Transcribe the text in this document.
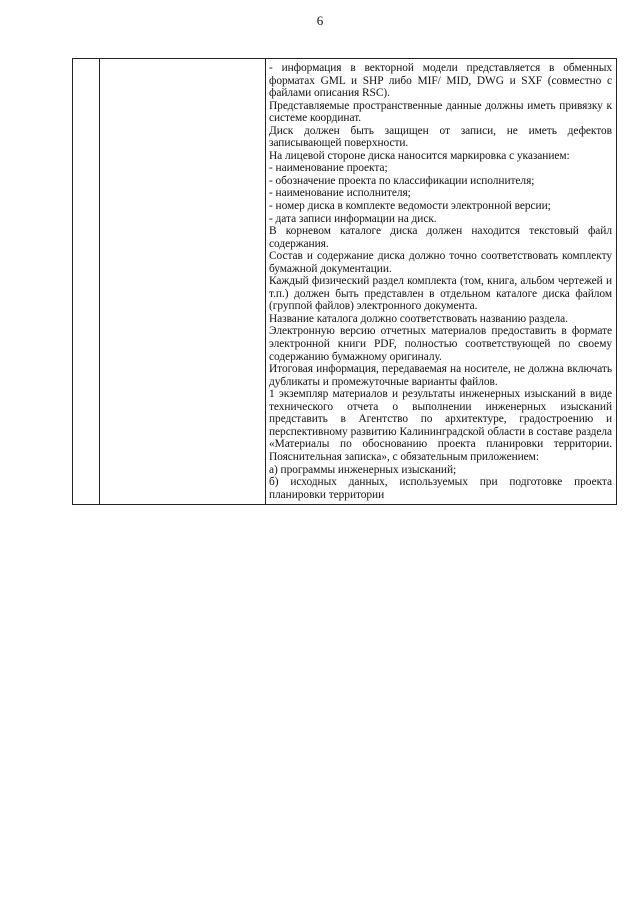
6

- информация в векторной модели представляется в обменных форматах GML и SHP либо MIF/ MID, DWG и SXF (совместно с файлами описания RSC).

Представляемые пространственные данные должны иметь привязку к системе координат.

Диск должен быть защищен от записи, не иметь дефектов записывающей поверхности.

На лицевой стороне диска наносится маркировка с указанием:

- наименование проекта;

- обозначение проекта по классификации исполнителя;

- наименование исполнителя;

- номер диска в комплекте ведомости электронной версии;

- дата записи информации на диск.

В корневом каталоге диска должен находится текстовый файл содержания.

Состав и содержание диска должно точно соответствовать комплекту бумажной документации.

Каждый физический раздел комплекта (том, книга, альбом чертежей и т.п.) должен быть представлен в отдельном каталоге диска файлом (группой файлов) электронного документа.

Название каталога должно соответствовать названию раздела.

Электронную версию отчетных материалов предоставить в формате электронной книги PDF, полностью соответствующей по своему содержанию бумажному оригиналу.

Итоговая информация, передаваемая на носителе, не должна включать дубликаты и промежуточные варианты файлов.

1 экземпляр материалов и результаты инженерных изысканий в виде технического отчета о выполнении инженерных изысканий представить в Агентство по архитектуре, градостроению и перспективному развитию Калининградской области в составе раздела «Материалы по обоснованию проекта планировки территории. Пояснительная записка», с обязательным приложением:

а) программы инженерных изысканий;

б) исходных данных, используемых при подготовке проекта планировки территории
